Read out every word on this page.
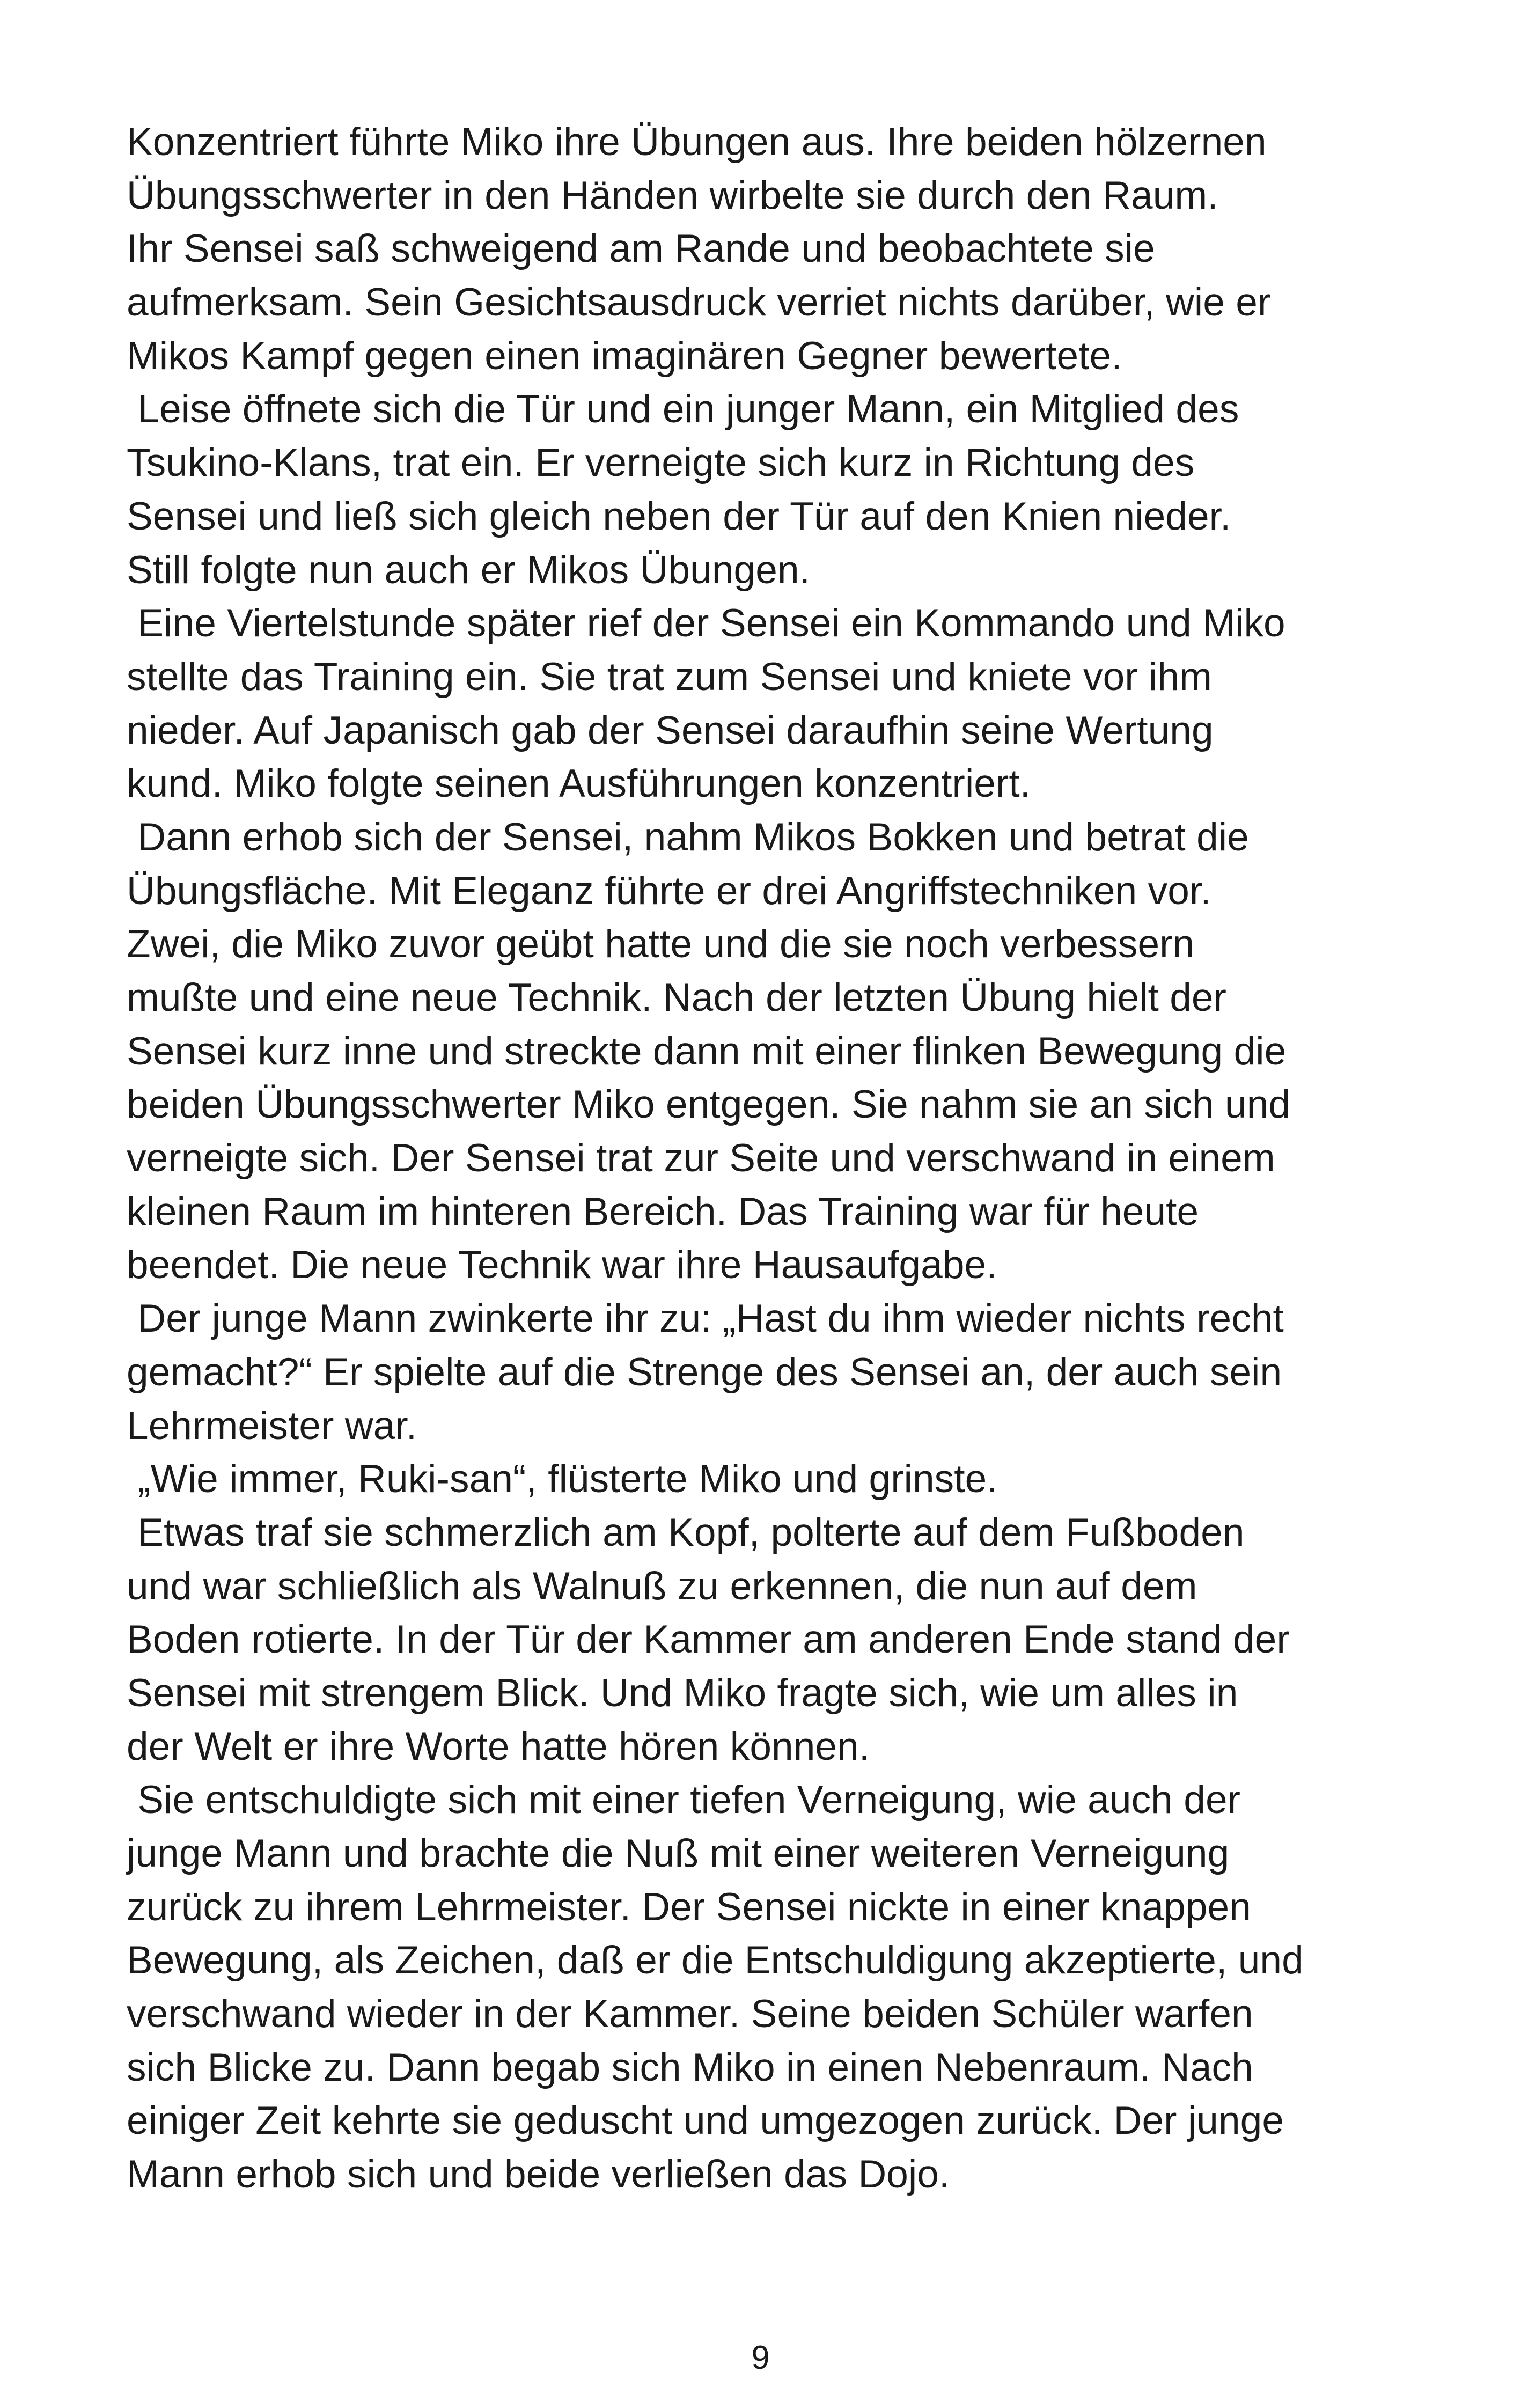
Konzentriert führte Miko ihre Übungen aus. Ihre beiden hölzernen
Übungsschwerter in den Händen wirbelte sie durch den Raum.
Ihr Sensei saß schweigend am Rande und beobachtete sie
aufmerksam. Sein Gesichtsausdruck verriet nichts darüber, wie er
Mikos Kampf gegen einen imaginären Gegner bewertete.
Leise öffnete sich die Tür und ein junger Mann, ein Mitglied des
Tsukino-Klans, trat ein. Er verneigte sich kurz in Richtung des
Sensei und ließ sich gleich neben der Tür auf den Knien nieder.
Still folgte nun auch er Mikos Übungen.
Eine Viertelstunde später rief der Sensei ein Kommando und Miko
stellte das Training ein. Sie trat zum Sensei und kniete vor ihm
nieder. Auf Japanisch gab der Sensei daraufhin seine Wertung
kund. Miko folgte seinen Ausführungen konzentriert.
Dann erhob sich der Sensei, nahm Mikos Bokken und betrat die
Übungsfläche. Mit Eleganz führte er drei Angriffstechniken vor.
Zwei, die Miko zuvor geübt hatte und die sie noch verbessern
mußte und eine neue Technik. Nach der letzten Übung hielt der
Sensei kurz inne und streckte dann mit einer flinken Bewegung die
beiden Übungsschwerter Miko entgegen. Sie nahm sie an sich und
verneigte sich. Der Sensei trat zur Seite und verschwand in einem
kleinen Raum im hinteren Bereich. Das Training war für heute
beendet. Die neue Technik war ihre Hausaufgabe.
Der junge Mann zwinkerte ihr zu: „Hast du ihm wieder nichts recht
gemacht?“ Er spielte auf die Strenge des Sensei an, der auch sein
Lehrmeister war.
„Wie immer, Ruki-san“, flüsterte Miko und grinste.
Etwas traf sie schmerzlich am Kopf, polterte auf dem Fußboden
und war schließlich als Walnuß zu erkennen, die nun auf dem
Boden rotierte. In der Tür der Kammer am anderen Ende stand der
Sensei mit strengem Blick. Und Miko fragte sich, wie um alles in
der Welt er ihre Worte hatte hören können.
Sie entschuldigte sich mit einer tiefen Verneigung, wie auch der
junge Mann und brachte die Nuß mit einer weiteren Verneigung
zurück zu ihrem Lehrmeister. Der Sensei nickte in einer knappen
Bewegung, als Zeichen, daß er die Entschuldigung akzeptierte, und
verschwand wieder in der Kammer. Seine beiden Schüler warfen
sich Blicke zu. Dann begab sich Miko in einen Nebenraum. Nach
einiger Zeit kehrte sie geduscht und umgezogen zurück. Der junge
Mann erhob sich und beide verließen das Dojo.
9
